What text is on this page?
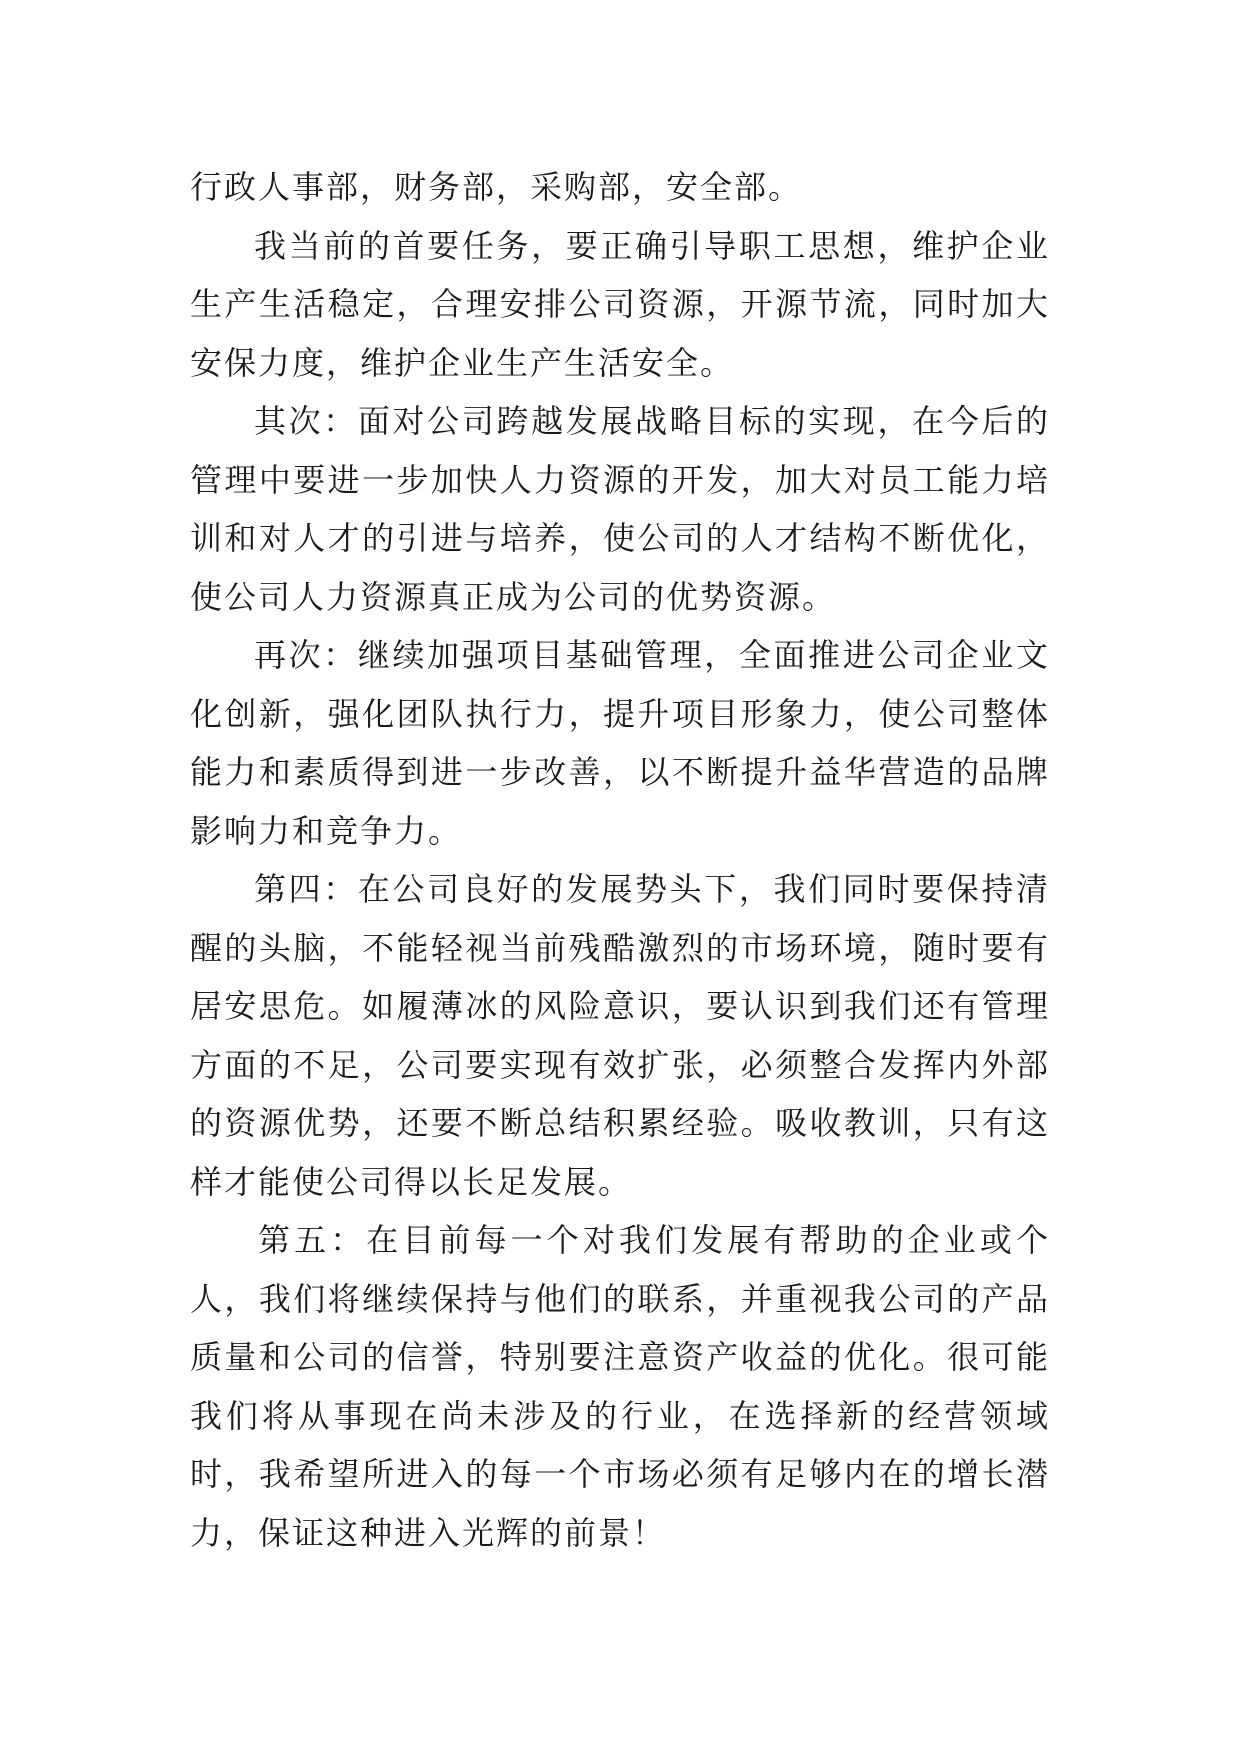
行政人事部，财务部，采购部，安全部。

我当前的首要任务，要正确引导职工思想，维护企业生产生活稳定，合理安排公司资源，开源节流，同时加大安保力度，维护企业生产生活安全。

其次：面对公司跨越发展战略目标的实现，在今后的管理中要进一步加快人力资源的开发，加大对员工能力培训和对人才的引进与培养，使公司的人才结构不断优化，使公司人力资源真正成为公司的优势资源。

再次：继续加强项目基础管理，全面推进公司企业文化创新，强化团队执行力，提升项目形象力，使公司整体能力和素质得到进一步改善，以不断提升益华营造的品牌影响力和竞争力。

第四：在公司良好的发展势头下，我们同时要保持清醒的头脑，不能轻视当前残酷激烈的市场环境，随时要有居安思危。如履薄冰的风险意识，要认识到我们还有管理方面的不足，公司要实现有效扩张，必须整合发挥内外部的资源优势，还要不断总结积累经验。吸收教训，只有这样才能使公司得以长足发展。

第五：在目前每一个对我们发展有帮助的企业或个人，我们将继续保持与他们的联系，并重视我公司的产品质量和公司的信誉，特别要注意资产收益的优化。很可能我们将从事现在尚未涉及的行业，在选择新的经营领域时，我希望所进入的每一个市场必须有足够内在的增长潜力，保证这种进入光辉的前景！
